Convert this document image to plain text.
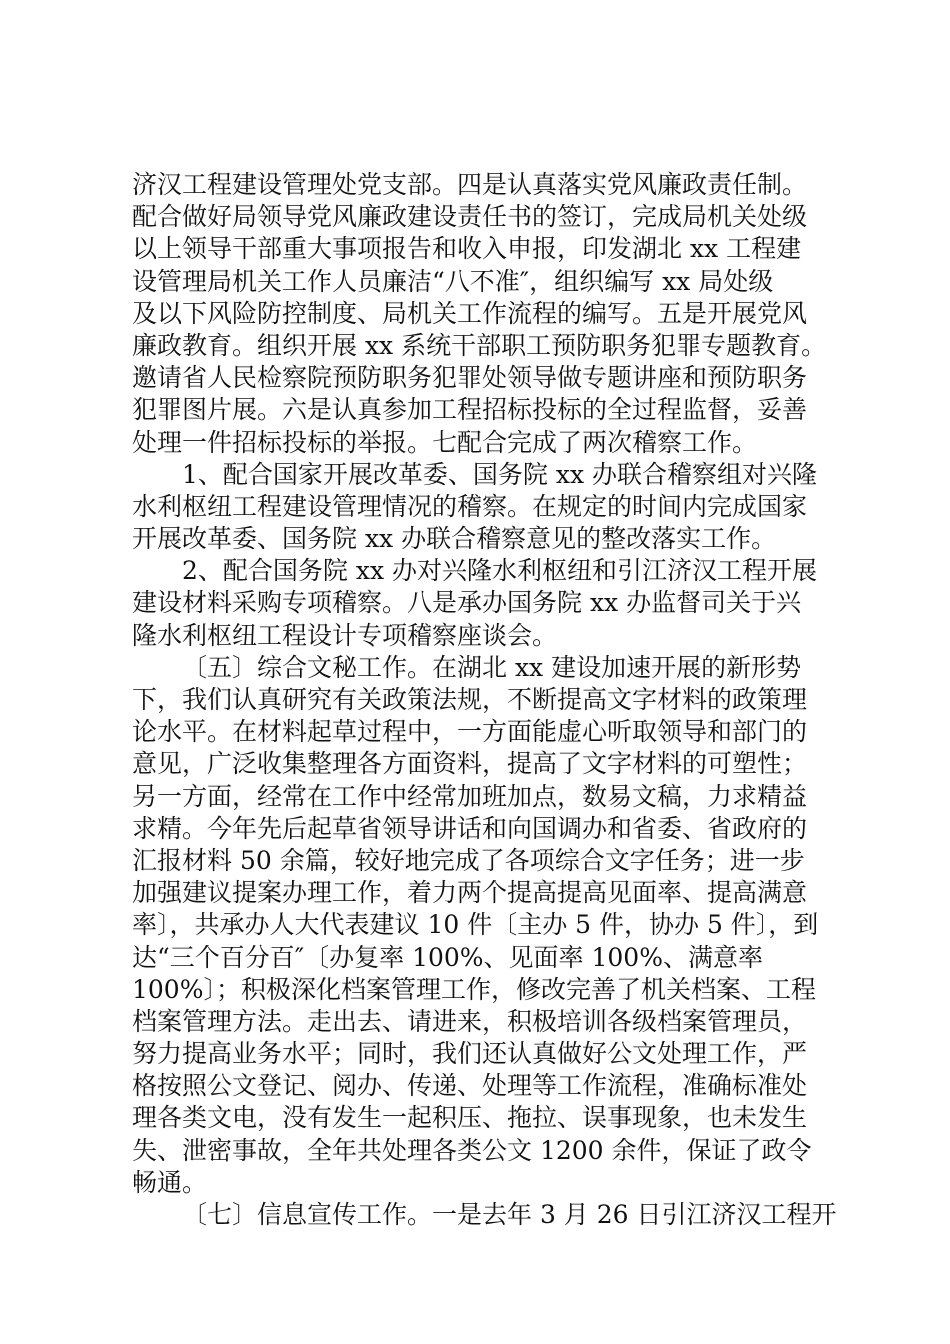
济汉工程建设管理处党支部。四是认真落实党风廉政责任制。
配合做好局领导党风廉政建设责任书的签订，完成局机关处级
以上领导干部重大事项报告和收入申报，印发湖北 xx 工程建
设管理局机关工作人员廉洁“八不准″，组织编写 xx 局处级
及以下风险防控制度、局机关工作流程的编写。五是开展党风
廉政教育。组织开展 xx 系统干部职工预防职务犯罪专题教育。
邀请省人民检察院预防职务犯罪处领导做专题讲座和预防职务
犯罪图片展。六是认真参加工程招标投标的全过程监督，妥善
处理一件招标投标的举报。七配合完成了两次稽察工作。
1、配合国家开展改革委、国务院 xx 办联合稽察组对兴隆
水利枢纽工程建设管理情况的稽察。在规定的时间内完成国家
开展改革委、国务院 xx 办联合稽察意见的整改落实工作。
2、配合国务院 xx 办对兴隆水利枢纽和引江济汉工程开展
建设材料采购专项稽察。八是承办国务院 xx 办监督司关于兴
隆水利枢纽工程设计专项稽察座谈会。
〔五〕综合文秘工作。在湖北 xx 建设加速开展的新形势
下，我们认真研究有关政策法规，不断提高文字材料的政策理
论水平。在材料起草过程中，一方面能虚心听取领导和部门的
意见，广泛收集整理各方面资料，提高了文字材料的可塑性；
另一方面，经常在工作中经常加班加点，数易文稿，力求精益
求精。今年先后起草省领导讲话和向国调办和省委、省政府的
汇报材料 50 余篇，较好地完成了各项综合文字任务；进一步
加强建议提案办理工作，着力两个提高提高见面率、提高满意
率〕，共承办人大代表建议 10 件〔主办 5 件，协办 5 件〕，到
达“三个百分百″〔办复率 100%、见面率 100%、满意率
100%〕；积极深化档案管理工作，修改完善了机关档案、工程
档案管理方法。走出去、请进来，积极培训各级档案管理员，
努力提高业务水平；同时，我们还认真做好公文处理工作，严
格按照公文登记、阅办、传递、处理等工作流程，准确标准处
理各类文电，没有发生一起积压、拖拉、误事现象，也未发生
失、泄密事故，全年共处理各类公文 1200 余件，保证了政令
畅通。
〔七〕信息宣传工作。一是去年 3 月 26 日引江济汉工程开
